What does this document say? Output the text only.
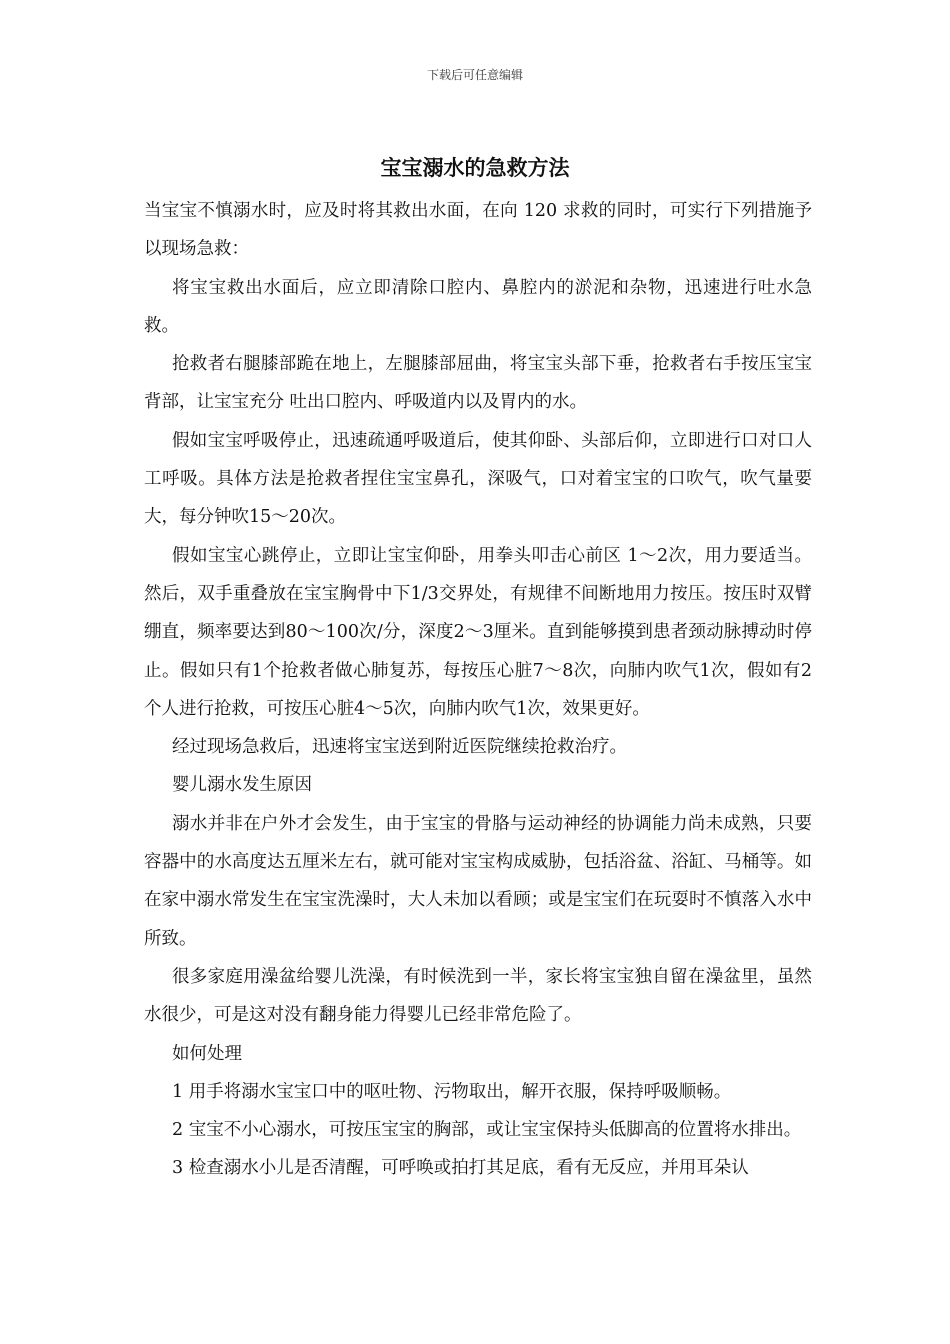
下载后可任意编辑
宝宝溺水的急救方法

当宝宝不慎溺水时，应及时将其救出水面，在向 120 求救的同时，可实行下列措施予以现场急救：

将宝宝救出水面后，应立即清除口腔内、鼻腔内的淤泥和杂物，迅速进行吐水急救。

抢救者右腿膝部跪在地上，左腿膝部屈曲，将宝宝头部下垂，抢救者右手按压宝宝背部，让宝宝充分 吐出口腔内、呼吸道内以及胃内的水。

假如宝宝呼吸停止，迅速疏通呼吸道后，使其仰卧、头部后仰，立即进行口对口人工呼吸。具体方法是抢救者捏住宝宝鼻孔，深吸气，口对着宝宝的口吹气，吹气量要大，每分钟吹15～20次。

假如宝宝心跳停止，立即让宝宝仰卧，用拳头叩击心前区 1～2次，用力要适当。然后，双手重叠放在宝宝胸骨中下1/3交界处，有规律不间断地用力按压。按压时双臂绷直，频率要达到80～100次/分，深度2～3厘米。直到能够摸到患者颈动脉搏动时停止。假如只有1个抢救者做心肺复苏，每按压心脏7～8次，向肺内吹气1次，假如有2个人进行抢救，可按压心脏4～5次，向肺内吹气1次，效果更好。

经过现场急救后，迅速将宝宝送到附近医院继续抢救治疗。

婴儿溺水发生原因

溺水并非在户外才会发生，由于宝宝的骨胳与运动神经的协调能力尚未成熟，只要容器中的水高度达五厘米左右，就可能对宝宝构成威胁，包括浴盆、浴缸、马桶等。如在家中溺水常发生在宝宝洗澡时，大人未加以看顾；或是宝宝们在玩耍时不慎落入水中所致。

很多家庭用澡盆给婴儿洗澡，有时候洗到一半，家长将宝宝独自留在澡盆里，虽然水很少，可是这对没有翻身能力得婴儿已经非常危险了。

如何处理

1 用手将溺水宝宝口中的呕吐物、污物取出，解开衣服，保持呼吸顺畅。

2 宝宝不小心溺水，可按压宝宝的胸部，或让宝宝保持头低脚高的位置将水排出。

3 检查溺水小儿是否清醒，可呼唤或拍打其足底，看有无反应，并用耳朵认
